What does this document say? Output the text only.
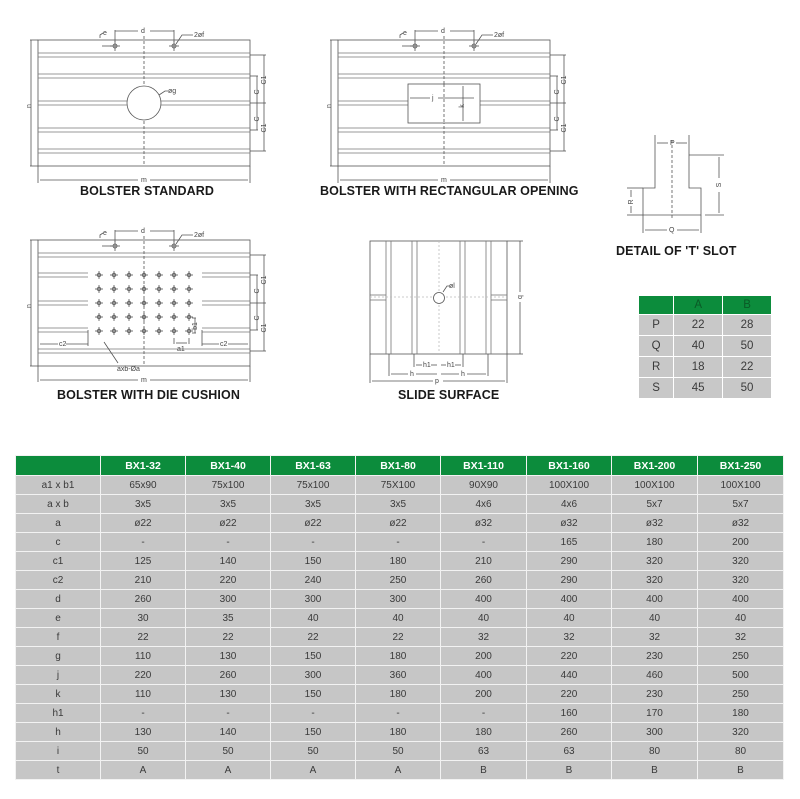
e	d
2øf
øg
m
n
C
C
C1
C1
BOLSTER STANDARD
e	d
2øf
j
k
m
n
C
C
C1
C1
BOLSTER WITH RECTANGULAR OPENING
P
Q
R
S
DETAIL OF 'T' SLOT
	A	B
P	22	28
Q	40	50
R	18	22
S	45	50
e	d
2øf
m
axb-Øa
c2	c2
a1
b1
n
C
C
C1
C1
BOLSTER WITH DIE CUSHION
øl
q
h1 h1
h	h
p
SLIDE SURFACE
	BX1-32	BX1-40	BX1-63	BX1-80	BX1-110	BX1-160	BX1-200	BX1-250
a1 x b1	65x90	75x100	75x100	75X100	90X90	100X100	100X100	100X100
a x b	3x5	3x5	3x5	3x5	4x6	4x6	5x7	5x7
a	ø22	ø22	ø22	ø22	ø32	ø32	ø32	ø32
c	-	-	-	-	-	165	180	200
c1	125	140	150	180	210	290	320	320
c2	210	220	240	250	260	290	320	320
d	260	300	300	300	400	400	400	400
e	30	35	40	40	40	40	40	40
f	22	22	22	22	32	32	32	32
g	110	130	150	180	200	220	230	250
j	220	260	300	360	400	440	460	500
k	110	130	150	180	200	220	230	250
h1	-	-	-	-	-	160	170	180
h	130	140	150	180	180	260	300	320
i	50	50	50	50	63	63	80	80
t	A	A	A	A	B	B	B	B
